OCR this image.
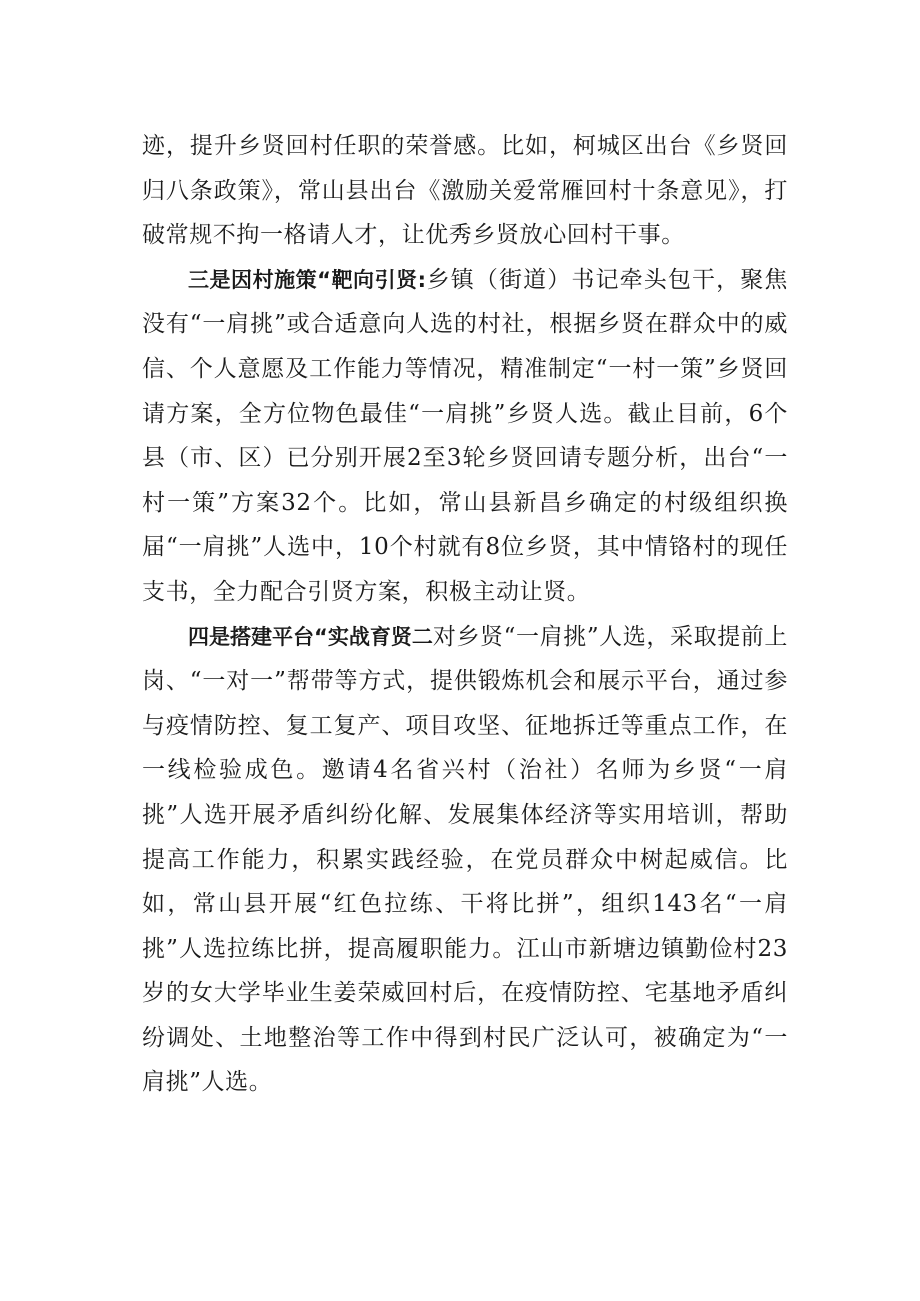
迹，提升乡贤回村任职的荣誉感。比如，柯城区出台《乡贤回归八条政策》，常山县出台《激励关爱常雁回村十条意见》，打破常规不拘一格请人才，让优秀乡贤放心回村干事。

三是因村施策“靶向引贤:乡镇（街道）书记牵头包干，聚焦没有“一肩挑”或合适意向人选的村社，根据乡贤在群众中的威信、个人意愿及工作能力等情况，精准制定“一村一策”乡贤回请方案，全方位物色最佳“一肩挑”乡贤人选。截止目前，6个县（市、区）已分别开展2至3轮乡贤回请专题分析，出台“一村一策”方案32个。比如，常山县新昌乡确定的村级组织换届“一肩挑”人选中，10个村就有8位乡贤，其中情铬村的现任支书，全力配合引贤方案，积极主动让贤。

四是搭建平台“实战育贤二对乡贤“一肩挑”人选，采取提前上岗、“一对一”帮带等方式，提供锻炼机会和展示平台，通过参与疫情防控、复工复产、项目攻坚、征地拆迁等重点工作，在一线检验成色。邀请4名省兴村（治社）名师为乡贤“一肩挑”人选开展矛盾纠纷化解、发展集体经济等实用培训，帮助提高工作能力，积累实践经验，在党员群众中树起威信。比如，常山县开展“红色拉练、干将比拼”，组织143名“一肩挑”人选拉练比拼，提高履职能力。江山市新塘边镇勤俭村23岁的女大学毕业生姜荣威回村后，在疫情防控、宅基地矛盾纠纷调处、土地整治等工作中得到村民广泛认可，被确定为“一肩挑”人选。
